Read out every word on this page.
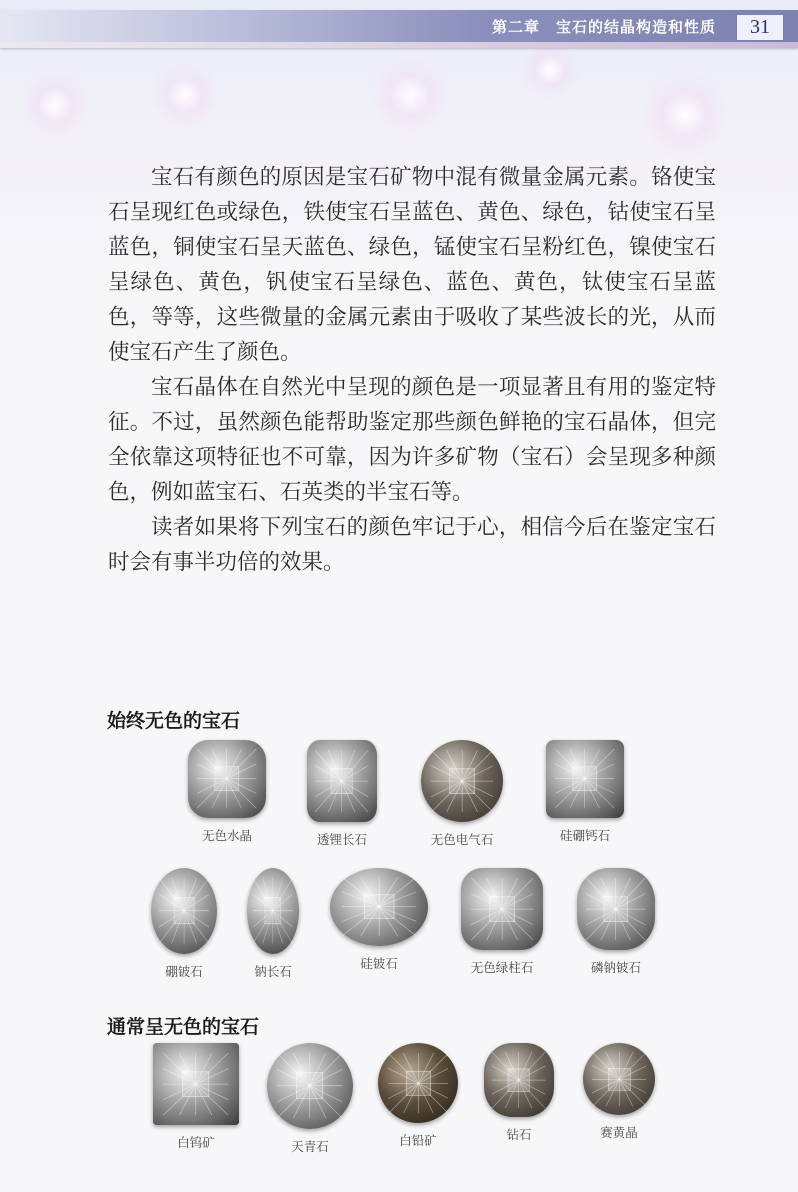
第二章　宝石的结晶构造和性质	31

宝石有颜色的原因是宝石矿物中混有微量金属元素。铬使宝石呈现红色或绿色，铁使宝石呈蓝色、黄色、绿色，钴使宝石呈蓝色，铜使宝石呈天蓝色、绿色，锰使宝石呈粉红色，镍使宝石呈绿色、黄色，钒使宝石呈绿色、蓝色、黄色，钛使宝石呈蓝色，等等，这些微量的金属元素由于吸收了某些波长的光，从而使宝石产生了颜色。

宝石晶体在自然光中呈现的颜色是一项显著且有用的鉴定特征。不过，虽然颜色能帮助鉴定那些颜色鲜艳的宝石晶体，但完全依靠这项特征也不可靠，因为许多矿物（宝石）会呈现多种颜色，例如蓝宝石、石英类的半宝石等。

读者如果将下列宝石的颜色牢记于心，相信今后在鉴定宝石时会有事半功倍的效果。

始终无色的宝石
通常呈无色的宝石
无色水晶	透锂长石	无色电气石	硅硼钙石
硼铍石	钠长石
硅铍石	无色绿柱石	磷钠铍石
白钨矿	天青石	白铅矿	钻石	赛黄晶
